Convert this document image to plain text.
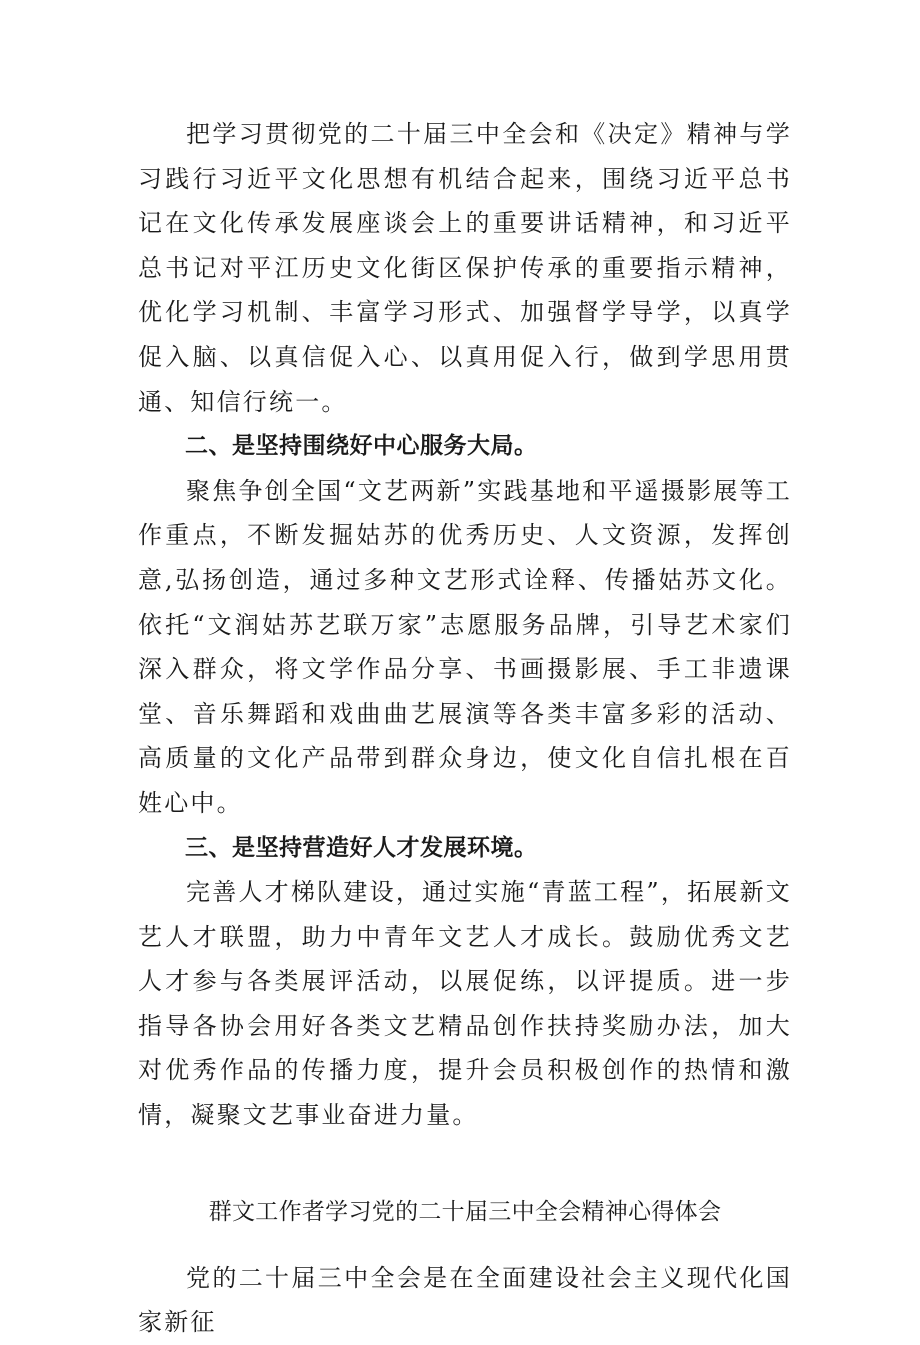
把学习贯彻党的二十届三中全会和《决定》精神与学习践行习近平文化思想有机结合起来，围绕习近平总书记在文化传承发展座谈会上的重要讲话精神，和习近平总书记对平江历史文化街区保护传承的重要指示精神，优化学习机制、丰富学习形式、加强督学导学，以真学促入脑、以真信促入心、以真用促入行，做到学思用贯通、知信行统一。

二、是坚持围绕好中心服务大局。

聚焦争创全国“文艺两新”实践基地和平遥摄影展等工作重点，不断发掘姑苏的优秀历史、人文资源，发挥创意,弘扬创造，通过多种文艺形式诠释、传播姑苏文化。依托“文润姑苏艺联万家”志愿服务品牌，引导艺术家们深入群众，将文学作品分享、书画摄影展、手工非遗课堂、音乐舞蹈和戏曲曲艺展演等各类丰富多彩的活动、高质量的文化产品带到群众身边，使文化自信扎根在百姓心中。

三、是坚持营造好人才发展环境。

完善人才梯队建设，通过实施“青蓝工程”，拓展新文艺人才联盟，助力中青年文艺人才成长。鼓励优秀文艺人才参与各类展评活动，以展促练，以评提质。进一步指导各协会用好各类文艺精品创作扶持奖励办法，加大对优秀作品的传播力度，提升会员积极创作的热情和激情，凝聚文艺事业奋进力量。

群文工作者学习党的二十届三中全会精神心得体会

党的二十届三中全会是在全面建设社会主义现代化国家新征
